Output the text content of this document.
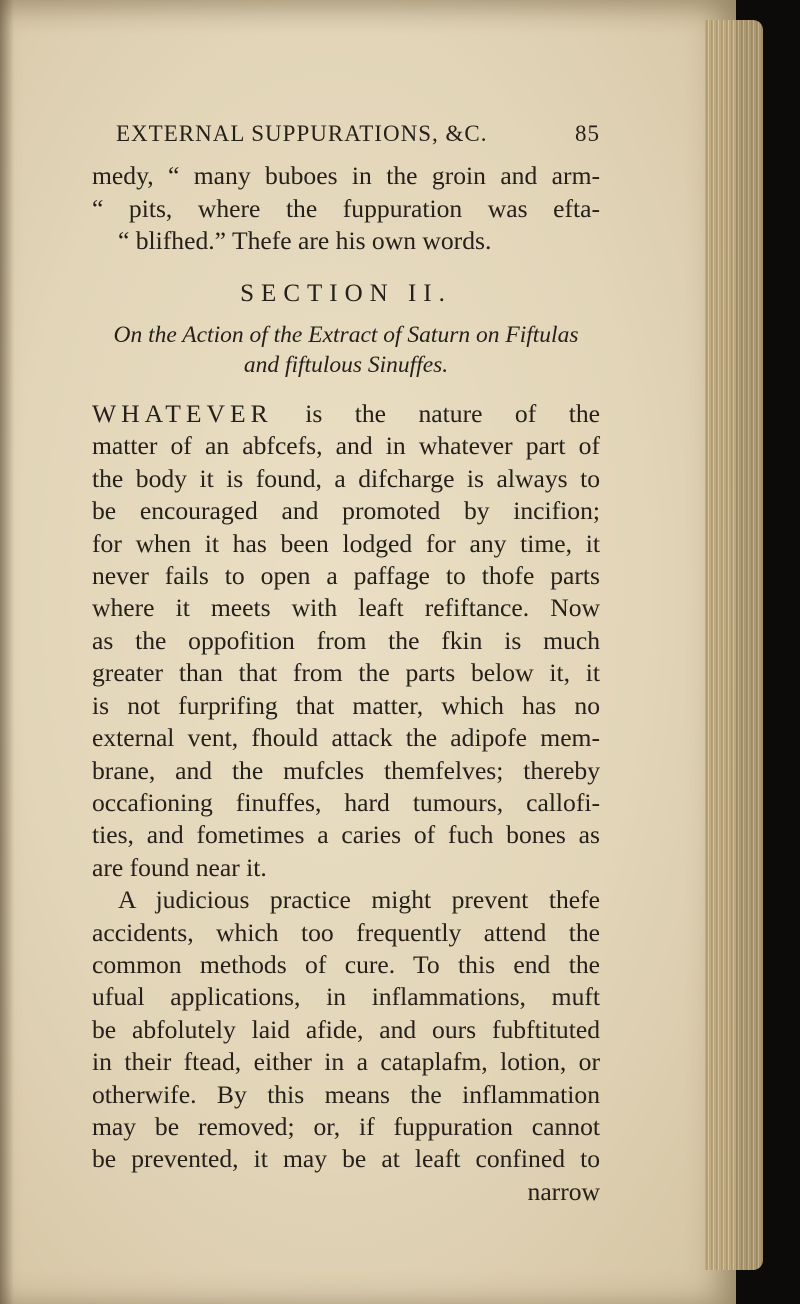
EXTERNAL SUPPURATIONS, &C.	85
medy, “ many buboes in the groin and arm-
“ pits, where the fuppuration was efta-
“ blifhed.” Thefe are his own words.
SECTION II.
On the Action of the Extract of Saturn on Fiftulas
and fiftulous Sinuffes.
WHATEVER is the nature of the
matter of an abfcefs, and in whatever part of
the body it is found, a difcharge is always to
be encouraged and promoted by incifion;
for when it has been lodged for any time, it
never fails to open a paffage to thofe parts
where it meets with leaft refiftance. Now
as the oppofition from the fkin is much
greater than that from the parts below it, it
is not furprifing that matter, which has no
external vent, fhould attack the adipofe mem-
brane, and the mufcles themfelves; thereby
occafioning finuffes, hard tumours, callofi-
ties, and fometimes a caries of fuch bones as
are found near it.
A judicious practice might prevent thefe
accidents, which too frequently attend the
common methods of cure. To this end the
ufual applications, in inflammations, muft
be abfolutely laid afide, and ours fubftituted
in their ftead, either in a cataplafm, lotion, or
otherwife. By this means the inflammation
may be removed; or, if fuppuration cannot
be prevented, it may be at leaft confined to
narrow
